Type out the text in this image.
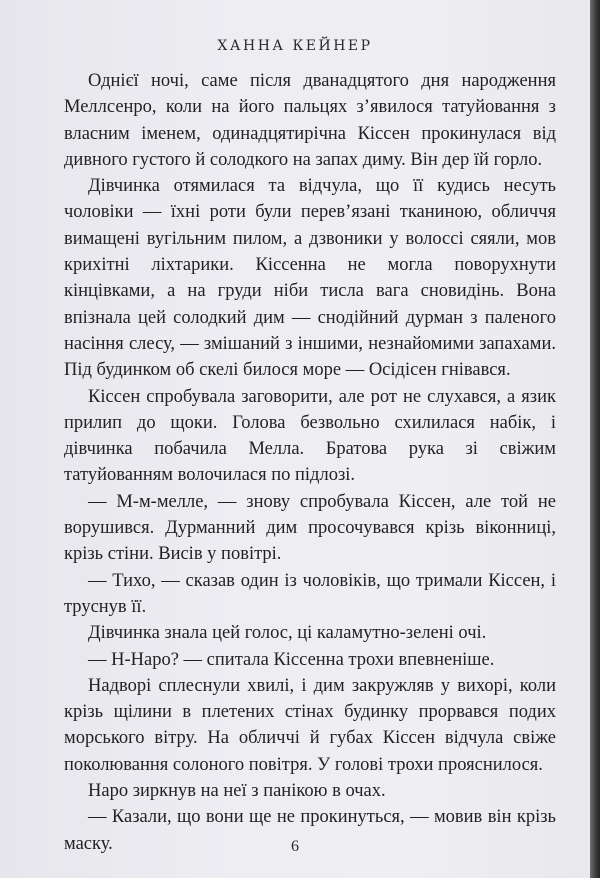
ХАННА КЕЙНЕР

Однієї ночі, саме після дванадцятого дня народження Меллсенро, коли на його пальцях з’явилося татуйовання з власним іменем, одинадцятирічна Кіссен прокинулася від дивного густого й солодкого на запах диму. Він дер їй горло.

Дівчинка отямилася та відчула, що її кудись несуть чоловіки — їхні роти були перев’язані тканиною, обличчя вимащені вугільним пилом, а дзвоники у волоссі сяяли, мов крихітні ліхтарики. Кіссенна не могла поворухнути кінцівками, а на груди ніби тисла вага сновидінь. Вона впізнала цей солодкий дим — снодійний дурман з паленого насіння слесу, — змішаний з іншими, незнайомими запахами. Під будинком об скелі билося море — Осідісен гнівався.

Кіссен спробувала заговорити, але рот не слухався, а язик прилип до щоки. Голова безвольно схилилася набік, і дівчинка побачила Мелла. Братова рука зі свіжим татуйованням волочилася по підлозі.

— М-м-мелле, — знову спробувала Кіссен, але той не ворушився. Дурманний дим просочувався крізь віконниці, крізь стіни. Висів у повітрі.

— Тихо, — сказав один із чоловіків, що тримали Кіссен, і труснув її.

Дівчинка знала цей голос, ці каламутно-зелені очі.

— Н-Наро? — спитала Кіссенна трохи впевненіше.

Надворі сплеснули хвилі, і дим закружляв у вихорі, коли крізь щілини в плетених стінах будинку прорвався подих морського вітру. На обличчі й губах Кіссен відчула свіже поколювання солоного повітря. У голові трохи прояснилося.

Наро зиркнув на неї з панікою в очах.

— Казали, що вони ще не прокинуться, — мовив він крізь маску.	6
